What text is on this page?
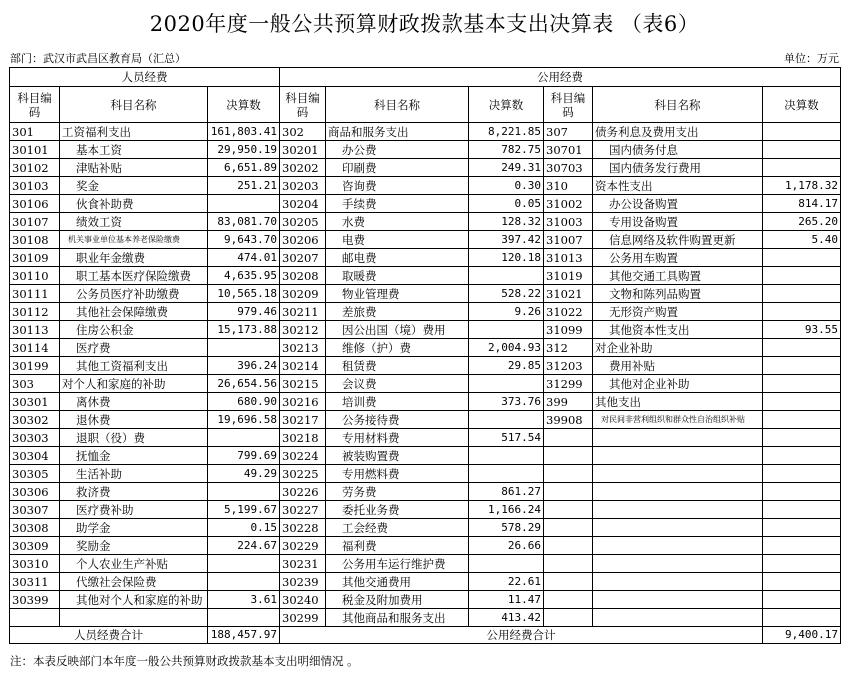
2020年度一般公共预算财政拨款基本支出决算表 （表6）
部门：武汉市武昌区教育局（汇总）	单位：万元
人员经费			公用经费					
科目编码	科目名称	决算数	科目编码	科目名称	决算数	科目编码	科目名称	决算数
301	工资福利支出	161,803.41	302	商品和服务支出	8,221.85	307	债务利息及费用支出	
30101	基本工资	29,950.19	30201	办公费	782.75	30701	国内债务付息	
30102	津贴补贴	6,651.89	30202	印刷费	249.31	30703	国内债务发行费用	
30103	奖金	251.21	30203	咨询费	0.30	310	资本性支出	1,178.32
30106	伙食补助费		30204	手续费	0.05	31002	办公设备购置	814.17
30107	绩效工资	83,081.70	30205	水费	128.32	31003	专用设备购置	265.20
30108	机关事业单位基本养老保险缴费	9,643.70	30206	电费	397.42	31007	信息网络及软件购置更新	5.40
30109	职业年金缴费	474.01	30207	邮电费	120.18	31013	公务用车购置	
30110	职工基本医疗保险缴费	4,635.95	30208	取暖费		31019	其他交通工具购置	
30111	公务员医疗补助缴费	10,565.18	30209	物业管理费	528.22	31021	文物和陈列品购置	
30112	其他社会保障缴费	979.46	30211	差旅费	9.26	31022	无形资产购置	
30113	住房公积金	15,173.88	30212	因公出国（境）费用		31099	其他资本性支出	93.55
30114	医疗费		30213	维修（护）费	2,004.93	312	对企业补助	
30199	其他工资福利支出	396.24	30214	租赁费	29.85	31203	费用补贴	
303	对个人和家庭的补助	26,654.56	30215	会议费		31299	其他对企业补助	
30301	离休费	680.90	30216	培训费	373.76	399	其他支出	
30302	退休费	19,696.58	30217	公务接待费		39908	对民间非营利组织和群众性自治组织补贴	
30303	退职（役）费		30218	专用材料费	517.54			
30304	抚恤金	799.69	30224	被装购置费				
30305	生活补助	49.29	30225	专用燃料费				
30306	救济费		30226	劳务费	861.27			
30307	医疗费补助	5,199.67	30227	委托业务费	1,166.24			
30308	助学金	0.15	30228	工会经费	578.29			
30309	奖励金	224.67	30229	福利费	26.66			
30310	个人农业生产补贴		30231	公务用车运行维护费				
30311	代缴社会保险费		30239	其他交通费用	22.61			
30399	其他对个人和家庭的补助	3.61	30240	税金及附加费用	11.47			
			30299	其他商品和服务支出	413.42			
人员经费合计		188,457.97	公用经费合计					9,400.17
注：本表反映部门本年度一般公共预算财政拨款基本支出明细情况 。
